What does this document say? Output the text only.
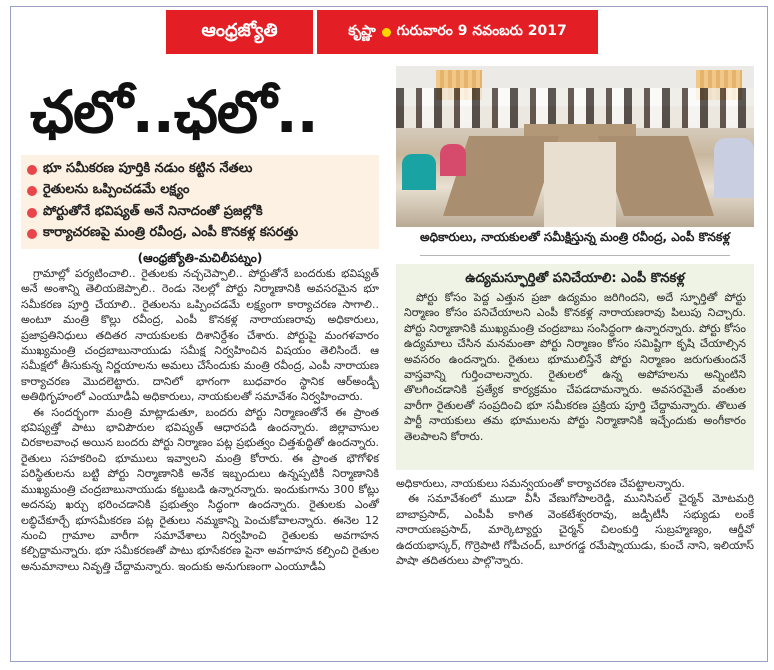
ఆంధ్రజ్యోతి	కృష్ణా గురువారం 9 నవంబరు 2017
ఛలో..ఛలో..
భూ సమీకరణ పూర్తికి నడుం కట్టిన నేతలు
రైతులను ఒప్పించడమే లక్ష్యం
పోర్టుతోనే భవిష్యత్ అనే నినాదంతో ప్రజల్లోకి
కార్యాచరణపై మంత్రి రవీంద్ర, ఎంపీ కొనకళ్ల కసరత్తు
(ఆంధ్రజ్యోతి-మచిలీపట్నం)

గ్రామాల్లో పర్యటించాలి.. రైతులకు నచ్చచెప్పాలి.. పోర్టుతోనే బందరుకు భవిష్యత్ అనే అంశాన్ని తెలియజెప్పాలి.. రెండు నెలల్లో పోర్టు నిర్మాణానికి అవసరమైన భూ సమీకరణ పూర్తి చేయాలి.. రైతులను ఒప్పించడమే లక్ష్యంగా కార్యాచరణ సాగాలి.. అంటూ మంత్రి కొల్లు రవీంద్ర, ఎంపీ కొనకళ్ల నారాయణరావు అధికారులు, ప్రజాప్రతినిధులు తదితర నాయకులకు దిశానిర్దేశం చేశారు. పోర్టుపై మంగళవారం ముఖ్యమంత్రి చంద్రబాబునాయుడు సమీక్ష నిర్వహించిన విషయం తెలిసిందే. ఆ సమీక్షలో తీసుకున్న నిర్ణయాలను అమలు చేసేందుకు మంత్రి రవీంద్ర, ఎంపీ నారాయణ కార్యాచరణ మొదలెట్టారు. దానిలో భాగంగా బుధవారం స్థానిక ఆర్అండ్బీ అతిథిగృహంలో ఎంయూడీఏ అధికారులు, నాయకులతో సమావేశం నిర్వహించారు.

ఈ సందర్భంగా మంత్రి మాట్లాడుతూ, బందరు పోర్టు నిర్మాణంతోనే ఈ ప్రాంత భవిష్యత్తో పాటు భావిపౌరుల భవిష్యత్ ఆధారపడి ఉందన్నారు. జిల్లావాసుల చిరకాలవాంఛ అయిన బందరు పోర్టు నిర్మాణం పట్ల ప్రభుత్వం చిత్తశుద్ధితో ఉందన్నారు. రైతులు సహకరించి భూములు ఇవ్వాలని మంత్రి కోరారు. ఈ ప్రాంత భౌగోళిక పరిస్థితులను బట్టి పోర్టు నిర్మాణానికి అనేక ఇబ్బందులు ఉన్నప్పటికీ నిర్మాణానికి ముఖ్యమంత్రి చంద్రబాబునాయుడు కట్టుబడి ఉన్నారన్నారు. ఇందుకుగాను 300 కోట్లు అదనపు ఖర్చు భరించడానికి ప్రభుత్వం సిద్ధంగా ఉందన్నారు. రైతులకు ఎంతో లబ్ధిచేకూర్చే భూసమీకరణ పట్ల రైతులు నమ్మకాన్ని పెంచుకోవాలన్నారు. ఈనెల 12 నుంచి గ్రామాల వారీగా సమావేశాలు నిర్వహించి రైతులకు అవగాహన కల్పిద్దామన్నారు. భూ సమీకరణతో పాటు భూసేకరణ పైనా అవగాహన కల్పించి రైతుల అనుమానాలు నివృత్తి చేద్దామన్నారు. ఇందుకు అనుగుణంగా ఎంయూడీఏ

అధికారులు, నాయకులతో సమీక్షిస్తున్న మంత్రి రవీంద్ర, ఎంపీ కొనకళ్ల
ఉద్యమస్ఫూర్తితో పనిచేయాలి: ఎంపీ కొనకళ్ల

పోర్టు కోసం పెద్ద ఎత్తున ప్రజా ఉద్యమం జరిగిందని, అదే స్ఫూర్తితో పోర్టు నిర్మాణం కోసం పనిచేయాలని ఎంపీ కొనకళ్ల నారాయణరావు పిలుపు నిచ్చారు. పోర్టు నిర్మాణానికి ముఖ్యమంత్రి చంద్రబాబు సంసిద్ధంగా ఉన్నారన్నారు. పోర్టు కోసం ఉద్యమాలు చేసిన మనమంతా పోర్టు నిర్మాణం కోసం సమిష్టిగా కృషి చేయాల్సిన అవసరం ఉందన్నారు. రైతులు భూములిస్తేనే పోర్టు నిర్మాణం జరుగుతుందనే వాస్తవాన్ని గుర్తించాలన్నారు. రైతులలో ఉన్న అపోహలను అన్నింటిని తొలగించడానికి ప్రత్యేక కార్యక్రమం చేపడదామన్నారు. అవసరమైతే వంతుల వారీగా రైతులతో సంప్రదించి భూ సమీకరణ ప్రక్రియ పూర్తి చేద్దామన్నారు. తొలుత పార్టీ నాయకులు తమ భూములను పోర్టు నిర్మాణానికి ఇచ్చేందుకు అంగీకారం తెలపాలని కోరారు.

అధికారులు, నాయకులు సమన్వయంతో కార్యాచరణ చేపట్టాలన్నారు.

ఈ సమావేశంలో ముడా వీసీ వేణుగోపాలరెడ్డి, మునిసిపల్ చైర్మన్ మోటమర్రి బాబాప్రసాద్, ఎంపీపీ కాగిత వెంకటేశ్వరరావు, జడ్పీటీసీ సభ్యుడు లంకే నారాయణప్రసాద్, మార్కెట్యార్డు చైర్మన్ చిలంకుర్తి సుబ్రహ్మణ్యం, ఆర్డీవో ఉదయభాస్కర్, గొర్రెపాటి గోపీచంద్, బూరగడ్డ రమేష్నాయుడు, కుంచే నాని, ఇలియాస్ పాషా తదితరులు పాల్గొన్నారు.
